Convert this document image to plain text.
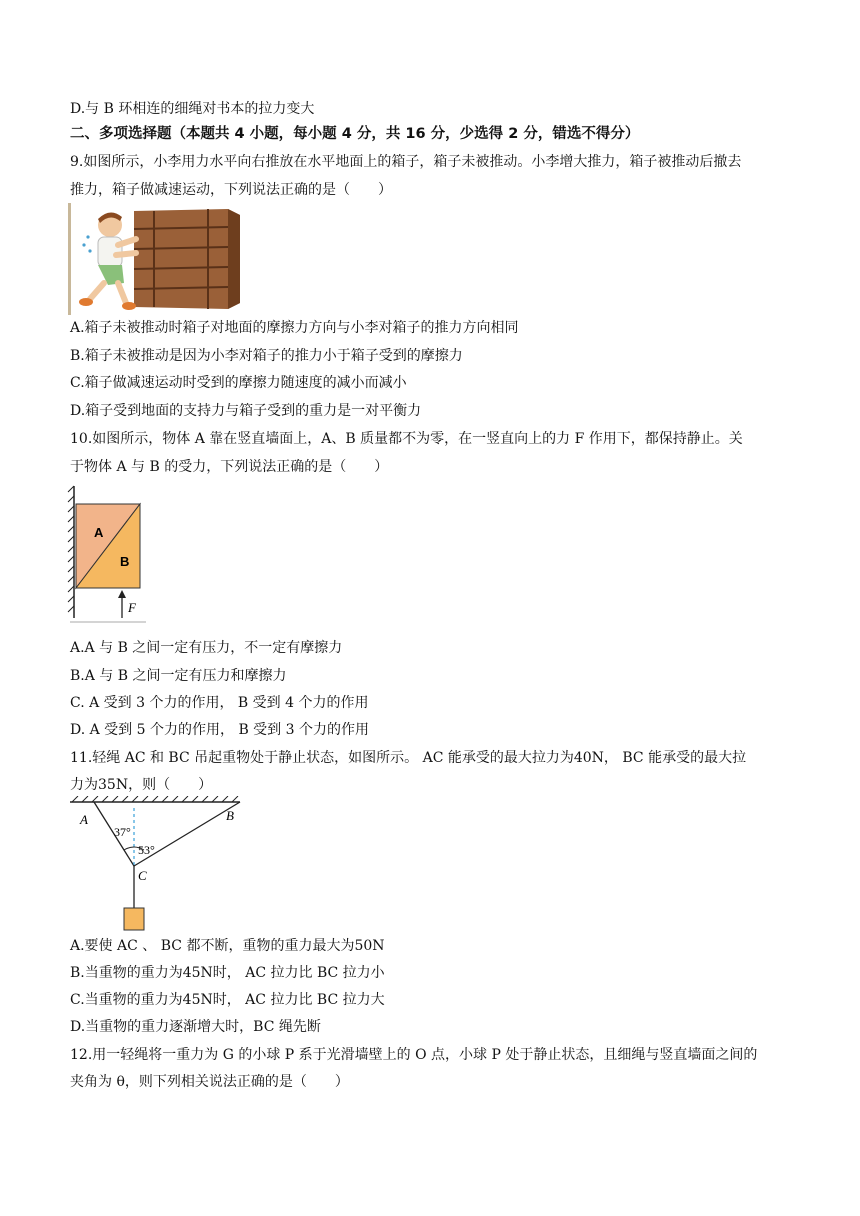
D.与 B 环相连的细绳对书本的拉力变大
二、多项选择题（本题共 4 小题，每小题 4 分，共 16 分，少选得 2 分，错选不得分）
9.如图所示，小李用力水平向右推放在水平地面上的箱子，箱子未被推动。小李增大推力，箱子被推动后撤去
推力，箱子做减速运动，下列说法正确的是（　　）
A.箱子未被推动时箱子对地面的摩擦力方向与小李对箱子的推力方向相同
B.箱子未被推动是因为小李对箱子的推力小于箱子受到的摩擦力
C.箱子做减速运动时受到的摩擦力随速度的减小而减小
D.箱子受到地面的支持力与箱子受到的重力是一对平衡力
10.如图所示，物体 A 靠在竖直墙面上，A、B 质量都不为零，在一竖直向上的力 F 作用下，都保持静止。关
于物体 A 与 B 的受力，下列说法正确的是（　　）
A
B
F
A.A 与 B 之间一定有压力，不一定有摩擦力
B.A 与 B 之间一定有压力和摩擦力
C. A 受到 3 个力的作用， B 受到 4 个力的作用
D. A 受到 5 个力的作用， B 受到 3 个力的作用
11.轻绳 AC 和 BC 吊起重物处于静止状态，如图所示。 AC 能承受的最大拉力为40N， BC 能承受的最大拉
力为35N，则（　　）
A	B
C
37°
53°
A.要使 AC 、 BC 都不断，重物的重力最大为50N
B.当重物的重力为45N时， AC 拉力比 BC 拉力小
C.当重物的重力为45N时， AC 拉力比 BC 拉力大
D.当重物的重力逐渐增大时，BC 绳先断
12.用一轻绳将一重力为 G 的小球 P 系于光滑墙壁上的 O 点，小球 P 处于静止状态，且细绳与竖直墙面之间的
夹角为 θ，则下列相关说法正确的是（　　）
